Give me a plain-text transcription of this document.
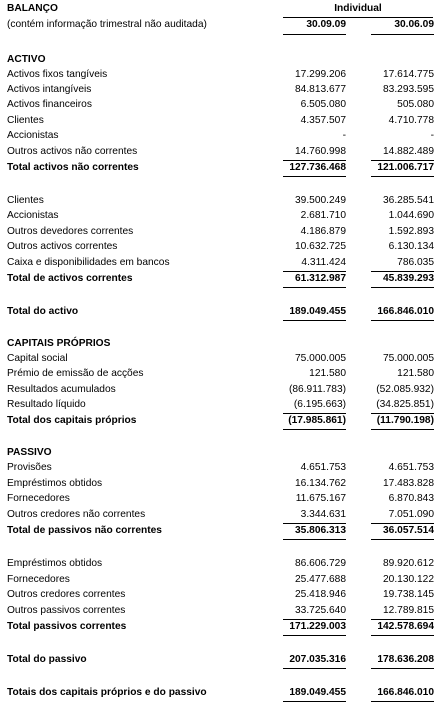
BALANÇO	Individual
(contém informação trimestral não auditada)	30.09.09	30.06.09
ACTIVO
Activos fixos tangíveis	17.299.206	17.614.775
Activos intangíveis	84.813.677	83.293.595
Activos financeiros	6.505.080	505.080
Clientes	4.357.507	4.710.778
Accionistas	-	-
Outros activos não correntes	14.760.998	14.882.489
Total activos não correntes	127.736.468	121.006.717
Clientes	39.500.249	36.285.541
Accionistas	2.681.710	1.044.690
Outros devedores correntes	4.186.879	1.592.893
Outros activos correntes	10.632.725	6.130.134
Caixa e disponibilidades em bancos	4.311.424	786.035
Total de activos correntes	61.312.987	45.839.293
Total do activo	189.049.455	166.846.010
CAPITAIS PRÓPRIOS
Capital social	75.000.005	75.000.005
Prémio de emissão de acções	121.580	121.580
Resultados acumulados	(86.911.783)	(52.085.932)
Resultado líquido	(6.195.663)	(34.825.851)
Total dos capitais próprios	(17.985.861)	(11.790.198)
PASSIVO
Provisões	4.651.753	4.651.753
Empréstimos obtidos	16.134.762	17.483.828
Fornecedores	11.675.167	6.870.843
Outros credores não correntes	3.344.631	7.051.090
Total de passivos não correntes	35.806.313	36.057.514
Empréstimos obtidos	86.606.729	89.920.612
Fornecedores	25.477.688	20.130.122
Outros credores correntes	25.418.946	19.738.145
Outros passivos correntes	33.725.640	12.789.815
Total passivos correntes	171.229.003	142.578.694
Total do passivo	207.035.316	178.636.208
Totais dos capitais próprios e do passivo	189.049.455	166.846.010
